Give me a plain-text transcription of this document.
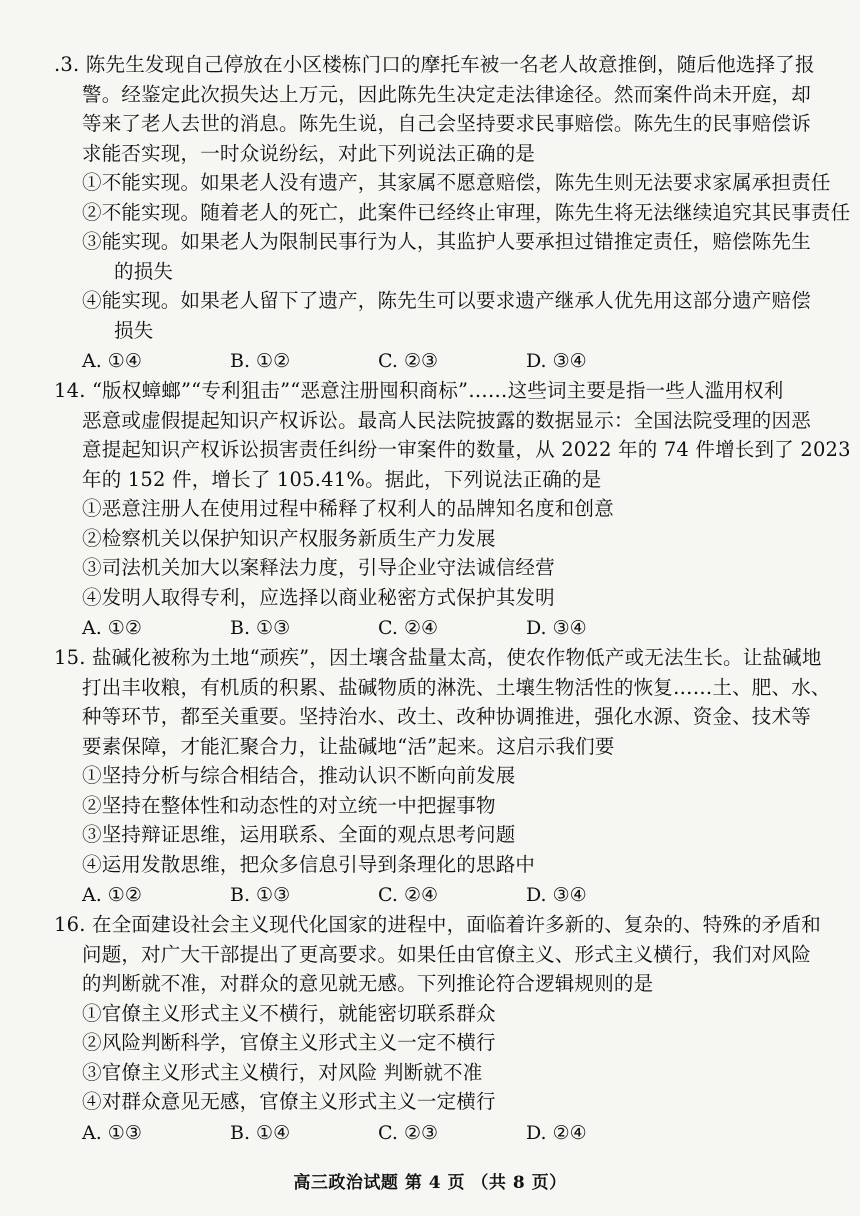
.3. 陈先生发现自己停放在小区楼栋门口的摩托车被一名老人故意推倒，随后他选择了报
警。经鉴定此次损失达上万元，因此陈先生决定走法律途径。然而案件尚未开庭，却
等来了老人去世的消息。陈先生说，自己会坚持要求民事赔偿。陈先生的民事赔偿诉
求能否实现，一时众说纷纭，对此下列说法正确的是
①不能实现。如果老人没有遗产，其家属不愿意赔偿，陈先生则无法要求家属承担责任
②不能实现。随着老人的死亡，此案件已经终止审理，陈先生将无法继续追究其民事责任
③能实现。如果老人为限制民事行为人，其监护人要承担过错推定责任，赔偿陈先生
的损失
④能实现。如果老人留下了遗产，陈先生可以要求遗产继承人优先用这部分遗产赔偿
损失
A. ①④	B. ①②	C. ②③	D. ③④
14. “版权蟑螂”“专利狙击”“恶意注册囤积商标”……这些词主要是指一些人滥用权利
恶意或虚假提起知识产权诉讼。最高人民法院披露的数据显示：全国法院受理的因恶
意提起知识产权诉讼损害责任纠纷一审案件的数量，从 2022 年的 74 件增长到了 2023
年的 152 件，增长了 105.41%。据此，下列说法正确的是
①恶意注册人在使用过程中稀释了权利人的品牌知名度和创意
②检察机关以保护知识产权服务新质生产力发展
③司法机关加大以案释法力度，引导企业守法诚信经营
④发明人取得专利，应选择以商业秘密方式保护其发明
A. ①②	B. ①③	C. ②④	D. ③④
15. 盐碱化被称为土地“顽疾”，因土壤含盐量太高，使农作物低产或无法生长。让盐碱地
打出丰收粮，有机质的积累、盐碱物质的淋洗、土壤生物活性的恢复……土、肥、水、
种等环节，都至关重要。坚持治水、改土、改种协调推进，强化水源、资金、技术等
要素保障，才能汇聚合力，让盐碱地“活”起来。这启示我们要
①坚持分析与综合相结合，推动认识不断向前发展
②坚持在整体性和动态性的对立统一中把握事物
③坚持辩证思维，运用联系、全面的观点思考问题
④运用发散思维，把众多信息引导到条理化的思路中
A. ①②	B. ①③	C. ②④	D. ③④
16. 在全面建设社会主义现代化国家的进程中，面临着许多新的、复杂的、特殊的矛盾和
问题，对广大干部提出了更高要求。如果任由官僚主义、形式主义横行，我们对风险
的判断就不准，对群众的意见就无感。下列推论符合逻辑规则的是
①官僚主义形式主义不横行，就能密切联系群众
②风险判断科学，官僚主义形式主义一定不横行
③官僚主义形式主义横行，对风险 判断就不准
④对群众意见无感，官僚主义形式主义一定横行
A. ①③	B. ①④	C. ②③	D. ②④
高三政治试题 第 4 页 （共 8 页）
